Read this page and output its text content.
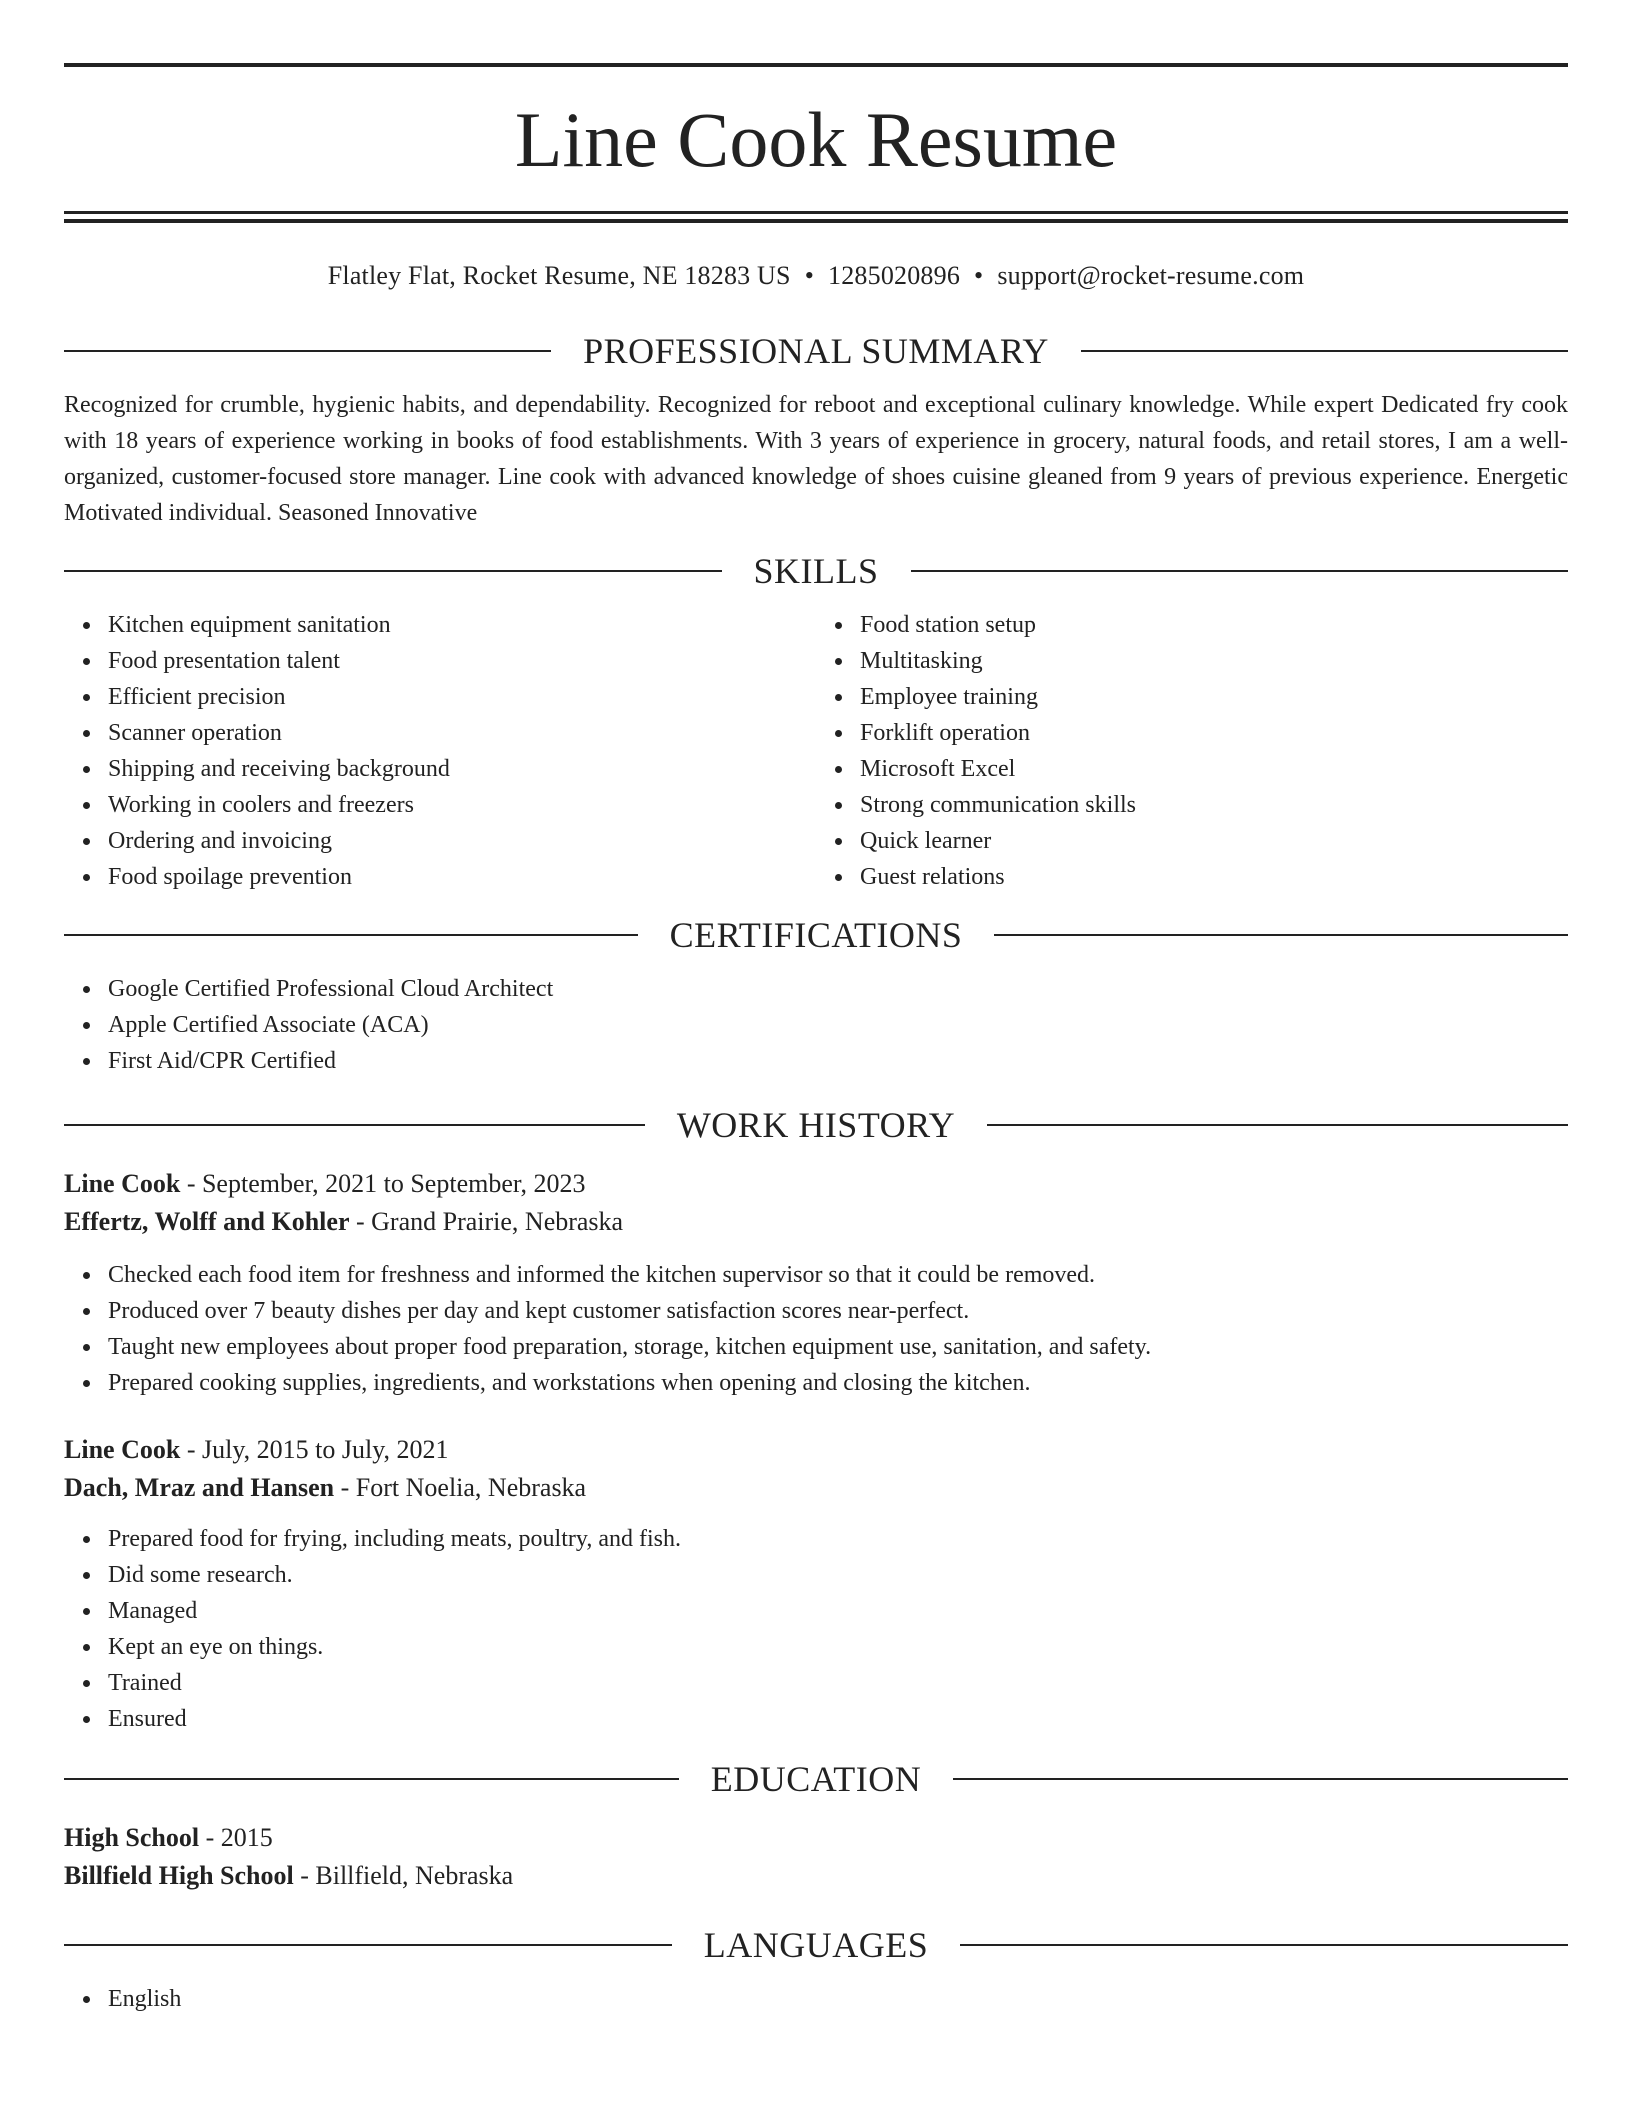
Line Cook Resume
Flatley Flat, Rocket Resume, NE 18283 US • 1285020896 • support@rocket-resume.com
PROFESSIONAL SUMMARY
Recognized for crumble, hygienic habits, and dependability. Recognized for reboot and exceptional culinary knowledge. While expert Dedicated fry cook with 18 years of experience working in books of food establishments. With 3 years of experience in grocery, natural foods, and retail stores, I am a well-organized, customer-focused store manager. Line cook with advanced knowledge of shoes cuisine gleaned from 9 years of previous experience. Energetic Motivated individual. Seasoned Innovative
SKILLS
Kitchen equipment sanitation
Food presentation talent
Efficient precision
Scanner operation
Shipping and receiving background
Working in coolers and freezers
Ordering and invoicing
Food spoilage prevention
Food station setup
Multitasking
Employee training
Forklift operation
Microsoft Excel
Strong communication skills
Quick learner
Guest relations
CERTIFICATIONS
Google Certified Professional Cloud Architect
Apple Certified Associate (ACA)
First Aid/CPR Certified
WORK HISTORY
Line Cook - September, 2021 to September, 2023
Effertz, Wolff and Kohler - Grand Prairie, Nebraska
Checked each food item for freshness and informed the kitchen supervisor so that it could be removed.
Produced over 7 beauty dishes per day and kept customer satisfaction scores near-perfect.
Taught new employees about proper food preparation, storage, kitchen equipment use, sanitation, and safety.
Prepared cooking supplies, ingredients, and workstations when opening and closing the kitchen.
Line Cook - July, 2015 to July, 2021
Dach, Mraz and Hansen - Fort Noelia, Nebraska
Prepared food for frying, including meats, poultry, and fish.
Did some research.
Managed
Kept an eye on things.
Trained
Ensured
EDUCATION
High School - 2015
Billfield High School - Billfield, Nebraska
LANGUAGES
English
